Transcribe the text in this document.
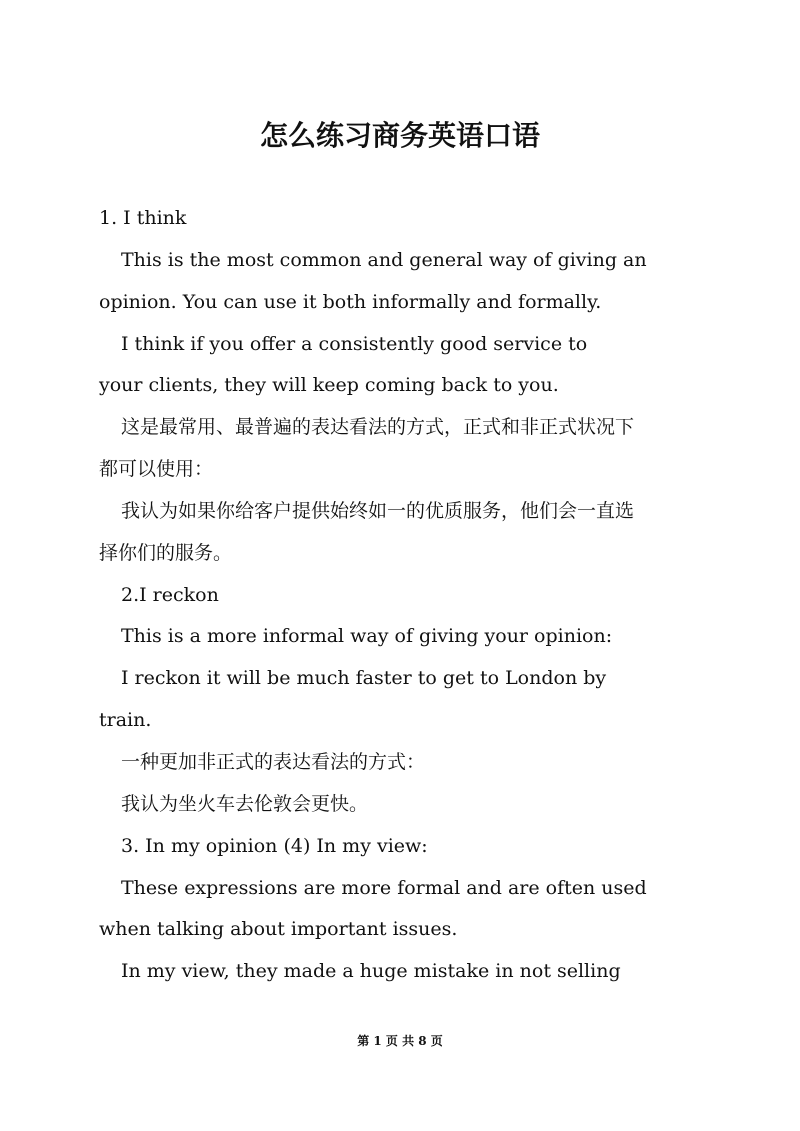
怎么练习商务英语口语
1. I think
This is the most common and general way of giving an
opinion. You can use it both informally and formally.
I think if you offer a consistently good service to
your clients, they will keep coming back to you.
这是最常用、最普遍的表达看法的方式，正式和非正式状况下
都可以使用：
我认为如果你给客户提供始终如一的优质服务，他们会一直选
择你们的服务。
2.I reckon
This is a more informal way of giving your opinion:
I reckon it will be much faster to get to London by
train.
一种更加非正式的表达看法的方式：
我认为坐火车去伦敦会更快。
3. In my opinion (4) In my view:
These expressions are more formal and are often used
when talking about important issues.
In my view, they made a huge mistake in not selling
第 1 页 共 8 页
